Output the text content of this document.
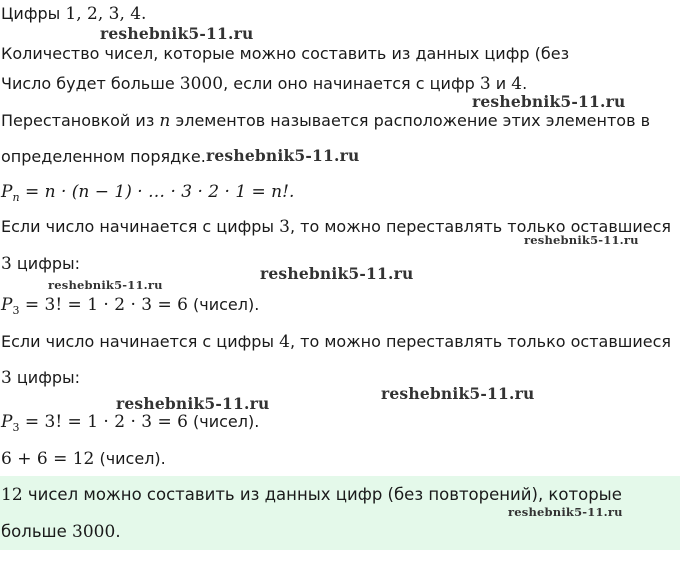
Цифры 1, 2, 3, 4.
Количество чисел, которые можно составить из данных цифр (без
Число будет больше 3000, если оно начинается с цифр 3 и 4.
Перестановкой из n элементов называется расположение этих элементов в
определенном порядке.
$P_n = n \cdot (n - 1)$ · … · 3 · 2 · 1 = n!.
Если число начинается с цифры 3, то можно переставлять только оставшиеся
3 цифры:
$P_3 = 3$! = 1 · 2 · 3 = 6 (чисел).
Если число начинается с цифры 4, то можно переставлять только оставшиеся
3 цифры:
$P_3 = 3$! = 1 · 2 · 3 = 6 (чисел).
6 + 6 = 12 (чисел).
12 чисел можно составить из данных цифр (без повторений), которые
больше 3000.
reshebnik5-11.ru
reshebnik5-11.ru
reshebnik5-11.ru
reshebnik5-11.ru
reshebnik5-11.ru
reshebnik5-11.ru
reshebnik5-11.ru
reshebnik5-11.ru
reshebnik5-11.ru
